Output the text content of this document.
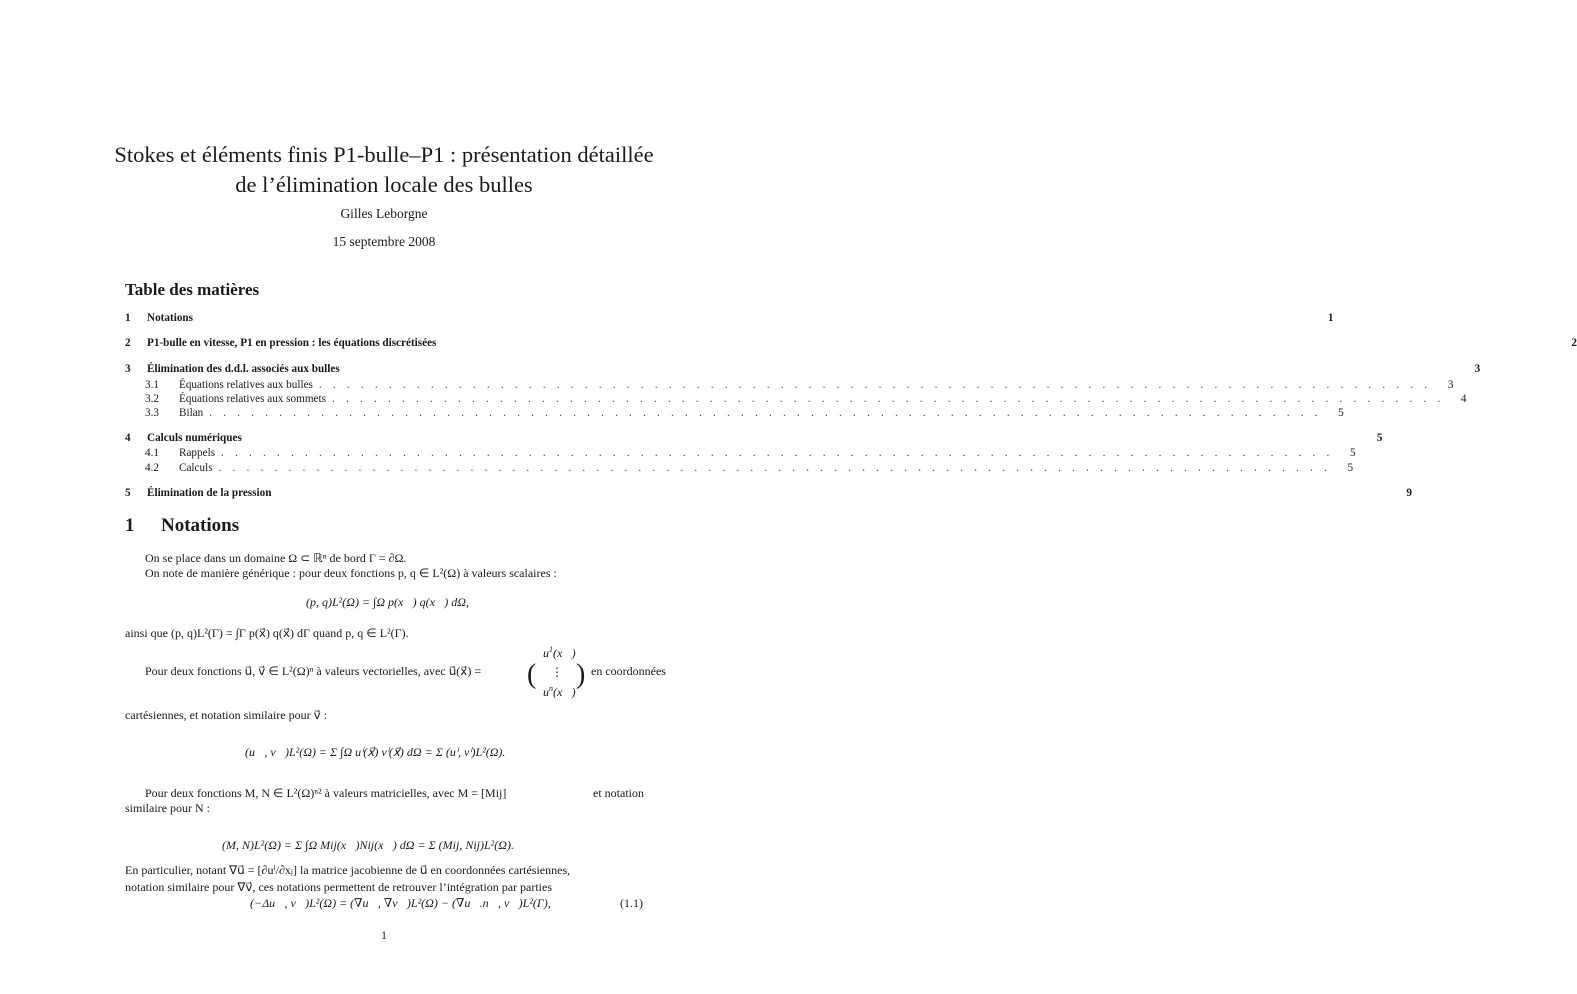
Stokes et éléments finis P1-bulle–P1 : présentation détaillée
de l’élimination locale des bulles
Gilles Leborgne
15 septembre 2008
Table des matières
1	Notations	1
2	P1-bulle en vitesse, P1 en pression : les équations discrétisées	2
3	Élimination des d.d.l. associés aux bulles	3
3.1	Équations relatives aux bulles . . . . . . . . . . . . . . . . . . . . . . . . . . . . . . . . . . . . . . . . . . . . . . . . . . . . . . . . . . . . . . . . . . . . . . . . . . . . . . . .	3
3.2	Équations relatives aux sommets . . . . . . . . . . . . . . . . . . . . . . . . . . . . . . . . . . . . . . . . . . . . . . . . . . . . . . . . . . . . . . . . . . . . . . . . . . . . . . . .	4
3.3	Bilan . . . . . . . . . . . . . . . . . . . . . . . . . . . . . . . . . . . . . . . . . . . . . . . . . . . . . . . . . . . . . . . . . . . . . . . . . . . . . . . .	5
4	Calculs numériques	5
4.1	Rappels . . . . . . . . . . . . . . . . . . . . . . . . . . . . . . . . . . . . . . . . . . . . . . . . . . . . . . . . . . . . . . . . . . . . . . . . . . . . . . . .	5
4.2	Calculs . . . . . . . . . . . . . . . . . . . . . . . . . . . . . . . . . . . . . . . . . . . . . . . . . . . . . . . . . . . . . . . . . . . . . . . . . . . . . . . .	5
5	Élimination de la pression	9
1 Notations
On se place dans un domaine Ω ⊂ ℝⁿ de bord Γ = ∂Ω.
On note de manière générique : pour deux fonctions p, q ∈ L²(Ω) à valeurs scalaires :
(p, q)L²(Ω) = ∫Ω p(x⃗) q(x⃗) dΩ,
ainsi que (p, q)L²(Γ) = ∫Γ p(x⃗) q(x⃗) dΓ quand p, q ∈ L²(Γ).
(
$u^1(x⃗)$
⋮
$u^n(x⃗)$
)
Pour deux fonctions u⃗, v⃗ ∈ L²(Ω)ⁿ à valeurs vectorielles, avec u⃗(x⃗) =	en coordonnées
cartésiennes, et notation similaire pour v⃗ :
(u⃗, v⃗)L²(Ω) = Σ ∫Ω uⁱ(x⃗) vⁱ(x⃗) dΩ = Σ (uⁱ, vⁱ)L²(Ω).
Pour deux fonctions M, N ∈ L²(Ω)ⁿ² à valeurs matricielles, avec M = [Mij]	et notation
similaire pour N :
(M, N)L²(Ω) = Σ ∫Ω Mij(x⃗)Nij(x⃗) dΩ = Σ (Mij, Nij)L²(Ω).
En particulier, notant ∇u⃗ = [∂uⁱ/∂xⱼ] la matrice jacobienne de u⃗ en coordonnées cartésiennes,
notation similaire pour ∇v⃗, ces notations permettent de retrouver l’intégration par parties
(−Δu⃗, v⃗)L²(Ω) = (∇u⃗, ∇v⃗)L²(Ω) − (∇u⃗.n⃗, v⃗)L²(Γ),	(1.1)
1
